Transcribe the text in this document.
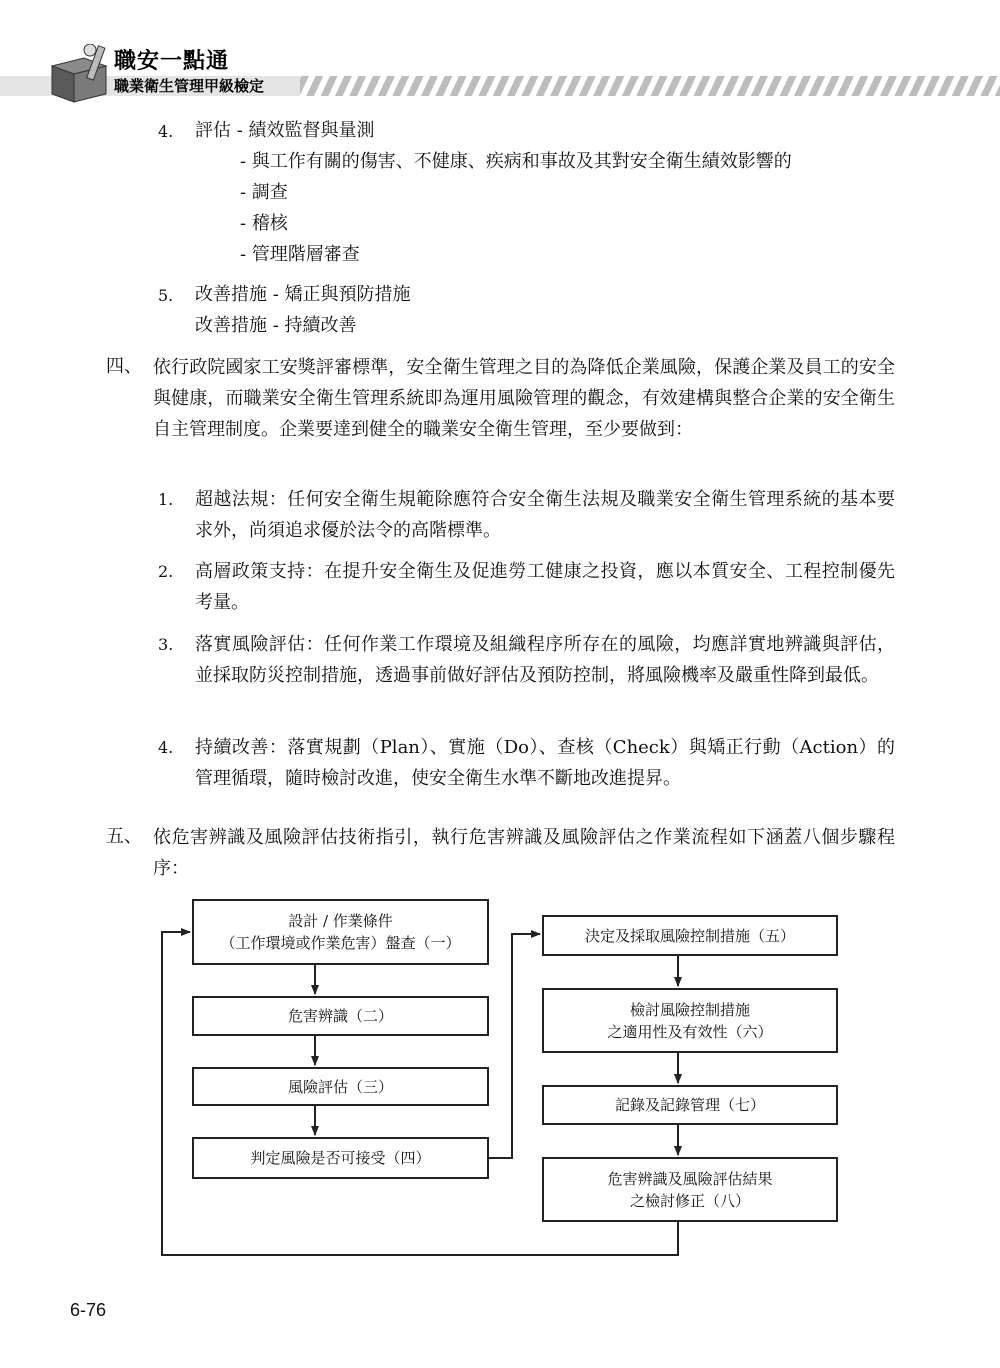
職安一點通
職業衛生管理甲級檢定
4. 評估 - 績效監督與量測
- 與工作有關的傷害、不健康、疾病和事故及其對安全衛生績效影響的
- 調查
- 稽核
- 管理階層審查
5. 改善措施 - 矯正與預防措施
改善措施 - 持續改善
四、 依行政院國家工安獎評審標準，安全衛生管理之目的為降低企業風險，保護企業及員工的安全與健康，而職業安全衛生管理系統即為運用風險管理的觀念，有效建構與整合企業的安全衛生自主管理制度。企業要達到健全的職業安全衛生管理，至少要做到：
1. 超越法規：任何安全衛生規範除應符合安全衛生法規及職業安全衛生管理系統的基本要求外，尚須追求優於法令的高階標準。
2. 高層政策支持：在提升安全衛生及促進勞工健康之投資，應以本質安全、工程控制優先考量。
3. 落實風險評估：任何作業工作環境及組織程序所存在的風險，均應詳實地辨識與評估，並採取防災控制措施，透過事前做好評估及預防控制，將風險機率及嚴重性降到最低。
4. 持續改善：落實規劃（Plan）、實施（Do）、查核（Check）與矯正行動（Action）的管理循環，隨時檢討改進，使安全衛生水準不斷地改進提昇。
五、 依危害辨識及風險評估技術指引，執行危害辨識及風險評估之作業流程如下涵蓋八個步驟程序：
設計 / 作業條件
（工作環境或作業危害）盤查（一）
危害辨識（二）
風險評估（三）
判定風險是否可接受（四）
決定及採取風險控制措施（五）
檢討風險控制措施
之適用性及有效性（六）
記錄及記錄管理（七）
危害辨識及風險評估結果
之檢討修正（八）
6-76
